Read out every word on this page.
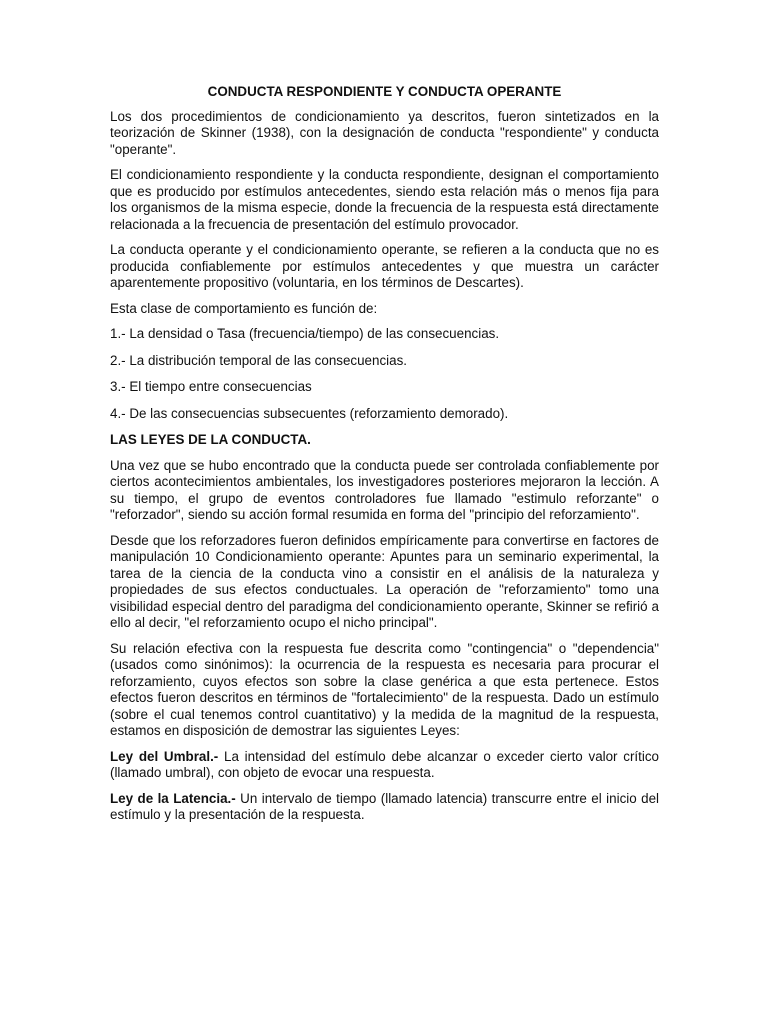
CONDUCTA RESPONDIENTE Y CONDUCTA OPERANTE

Los dos procedimientos de condicionamiento ya descritos, fueron sintetizados en la teorización de Skinner (1938), con la designación de conducta "respondiente" y conducta "operante".

El condicionamiento respondiente y la conducta respondiente, designan el comportamiento que es producido por estímulos antecedentes, siendo esta relación más o menos fija para los organismos de la misma especie, donde la frecuencia de la respuesta está directamente relacionada a la frecuencia de presentación del estímulo provocador.

La conducta operante y el condicionamiento operante, se refieren a la conducta que no es producida confiablemente por estímulos antecedentes y que muestra un carácter aparentemente propositivo (voluntaria, en los términos de Descartes).

Esta clase de comportamiento es función de:

1.- La densidad o Tasa (frecuencia/tiempo) de las consecuencias.
2.- La distribución temporal de las consecuencias.
3.- El tiempo entre consecuencias
4.- De las consecuencias subsecuentes (reforzamiento demorado).
LAS LEYES DE LA CONDUCTA.

Una vez que se hubo encontrado que la conducta puede ser controlada confiablemente por ciertos acontecimientos ambientales, los investigadores posteriores mejoraron la lección. A su tiempo, el grupo de eventos controladores fue llamado "estimulo reforzante" o "reforzador", siendo su acción formal resumida en forma del "principio del reforzamiento".

Desde que los reforzadores fueron definidos empíricamente para convertirse en factores de manipulación 10 Condicionamiento operante: Apuntes para un seminario experimental, la tarea de la ciencia de la conducta vino a consistir en el análisis de la naturaleza y propiedades de sus efectos conductuales. La operación de "reforzamiento" tomo una visibilidad especial dentro del paradigma del condicionamiento operante, Skinner se refirió a ello al decir, "el reforzamiento ocupo el nicho principal".

Su relación efectiva con la respuesta fue descrita como "contingencia" o "dependencia" (usados como sinónimos): la ocurrencia de la respuesta es necesaria para procurar el reforzamiento, cuyos efectos son sobre la clase genérica a que esta pertenece. Estos efectos fueron descritos en términos de "fortalecimiento" de la respuesta. Dado un estímulo (sobre el cual tenemos control cuantitativo) y la medida de la magnitud de la respuesta, estamos en disposición de demostrar las siguientes Leyes:

Ley del Umbral.- La intensidad del estímulo debe alcanzar o exceder cierto valor crítico (llamado umbral), con objeto de evocar una respuesta.

Ley de la Latencia.- Un intervalo de tiempo (llamado latencia) transcurre entre el inicio del estímulo y la presentación de la respuesta.
